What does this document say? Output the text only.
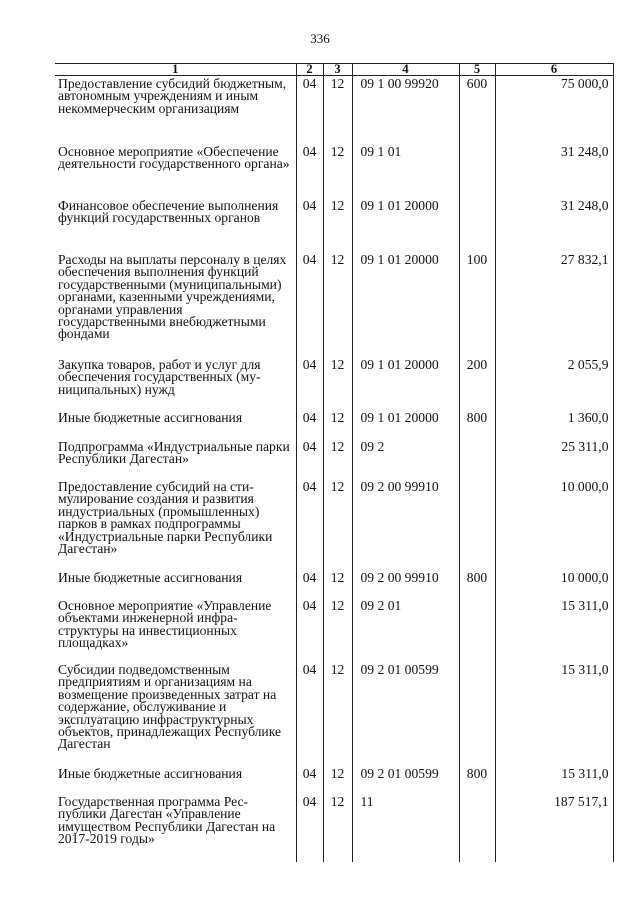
336
1	2	3	4	5	6
Предоставление субсидий бюджетным, автономным учреждениям и иным некоммерческим организациям	04	12	09 1 00 99920	600	75 000,0
Основное мероприятие «Обеспечение деятельности государственного органа»	04	12	09 1 01		31 248,0
Финансовое обеспечение выполнения функций государственных органов	04	12	09 1 01 20000		31 248,0
Расходы на выплаты персоналу в целях обеспечения выполнения функций государственными (муниципальными) органами, казенными учреждениями, органами управления государственными внебюджетными фондами	04	12	09 1 01 20000	100	27 832,1
Закупка товаров, работ и услуг для обеспечения государственных (муниципальных) нужд	04	12	09 1 01 20000	200	2 055,9
Иные бюджетные ассигнования	04	12	09 1 01 20000	800	1 360,0
Подпрограмма «Индустриальные парки Республики Дагестан»	04	12	09 2		25 311,0
Предоставление субсидий на стимулирование создания и развития индустриальных (промышленных) парков в рамках подпрограммы «Индустриальные парки Республики Дагестан»	04	12	09 2 00 99910		10 000,0
Иные бюджетные ассигнования	04	12	09 2 00 99910	800	10 000,0
Основное мероприятие «Управление объектами инженерной инфраструктуры на инвестиционных площадках»	04	12	09 2 01		15 311,0
Субсидии подведомственным предприятиям и организациям на возмещение произведенных затрат на содержание, обслуживание и эксплуатацию инфраструктурных объектов, принадлежащих Республике Дагестан	04	12	09 2 01 00599		15 311,0
Иные бюджетные ассигнования	04	12	09 2 01 00599	800	15 311,0
Государственная программа Республики Дагестан «Управление имуществом Республики Дагестан на 2017-2019 годы»	04	12	11		187 517,1
